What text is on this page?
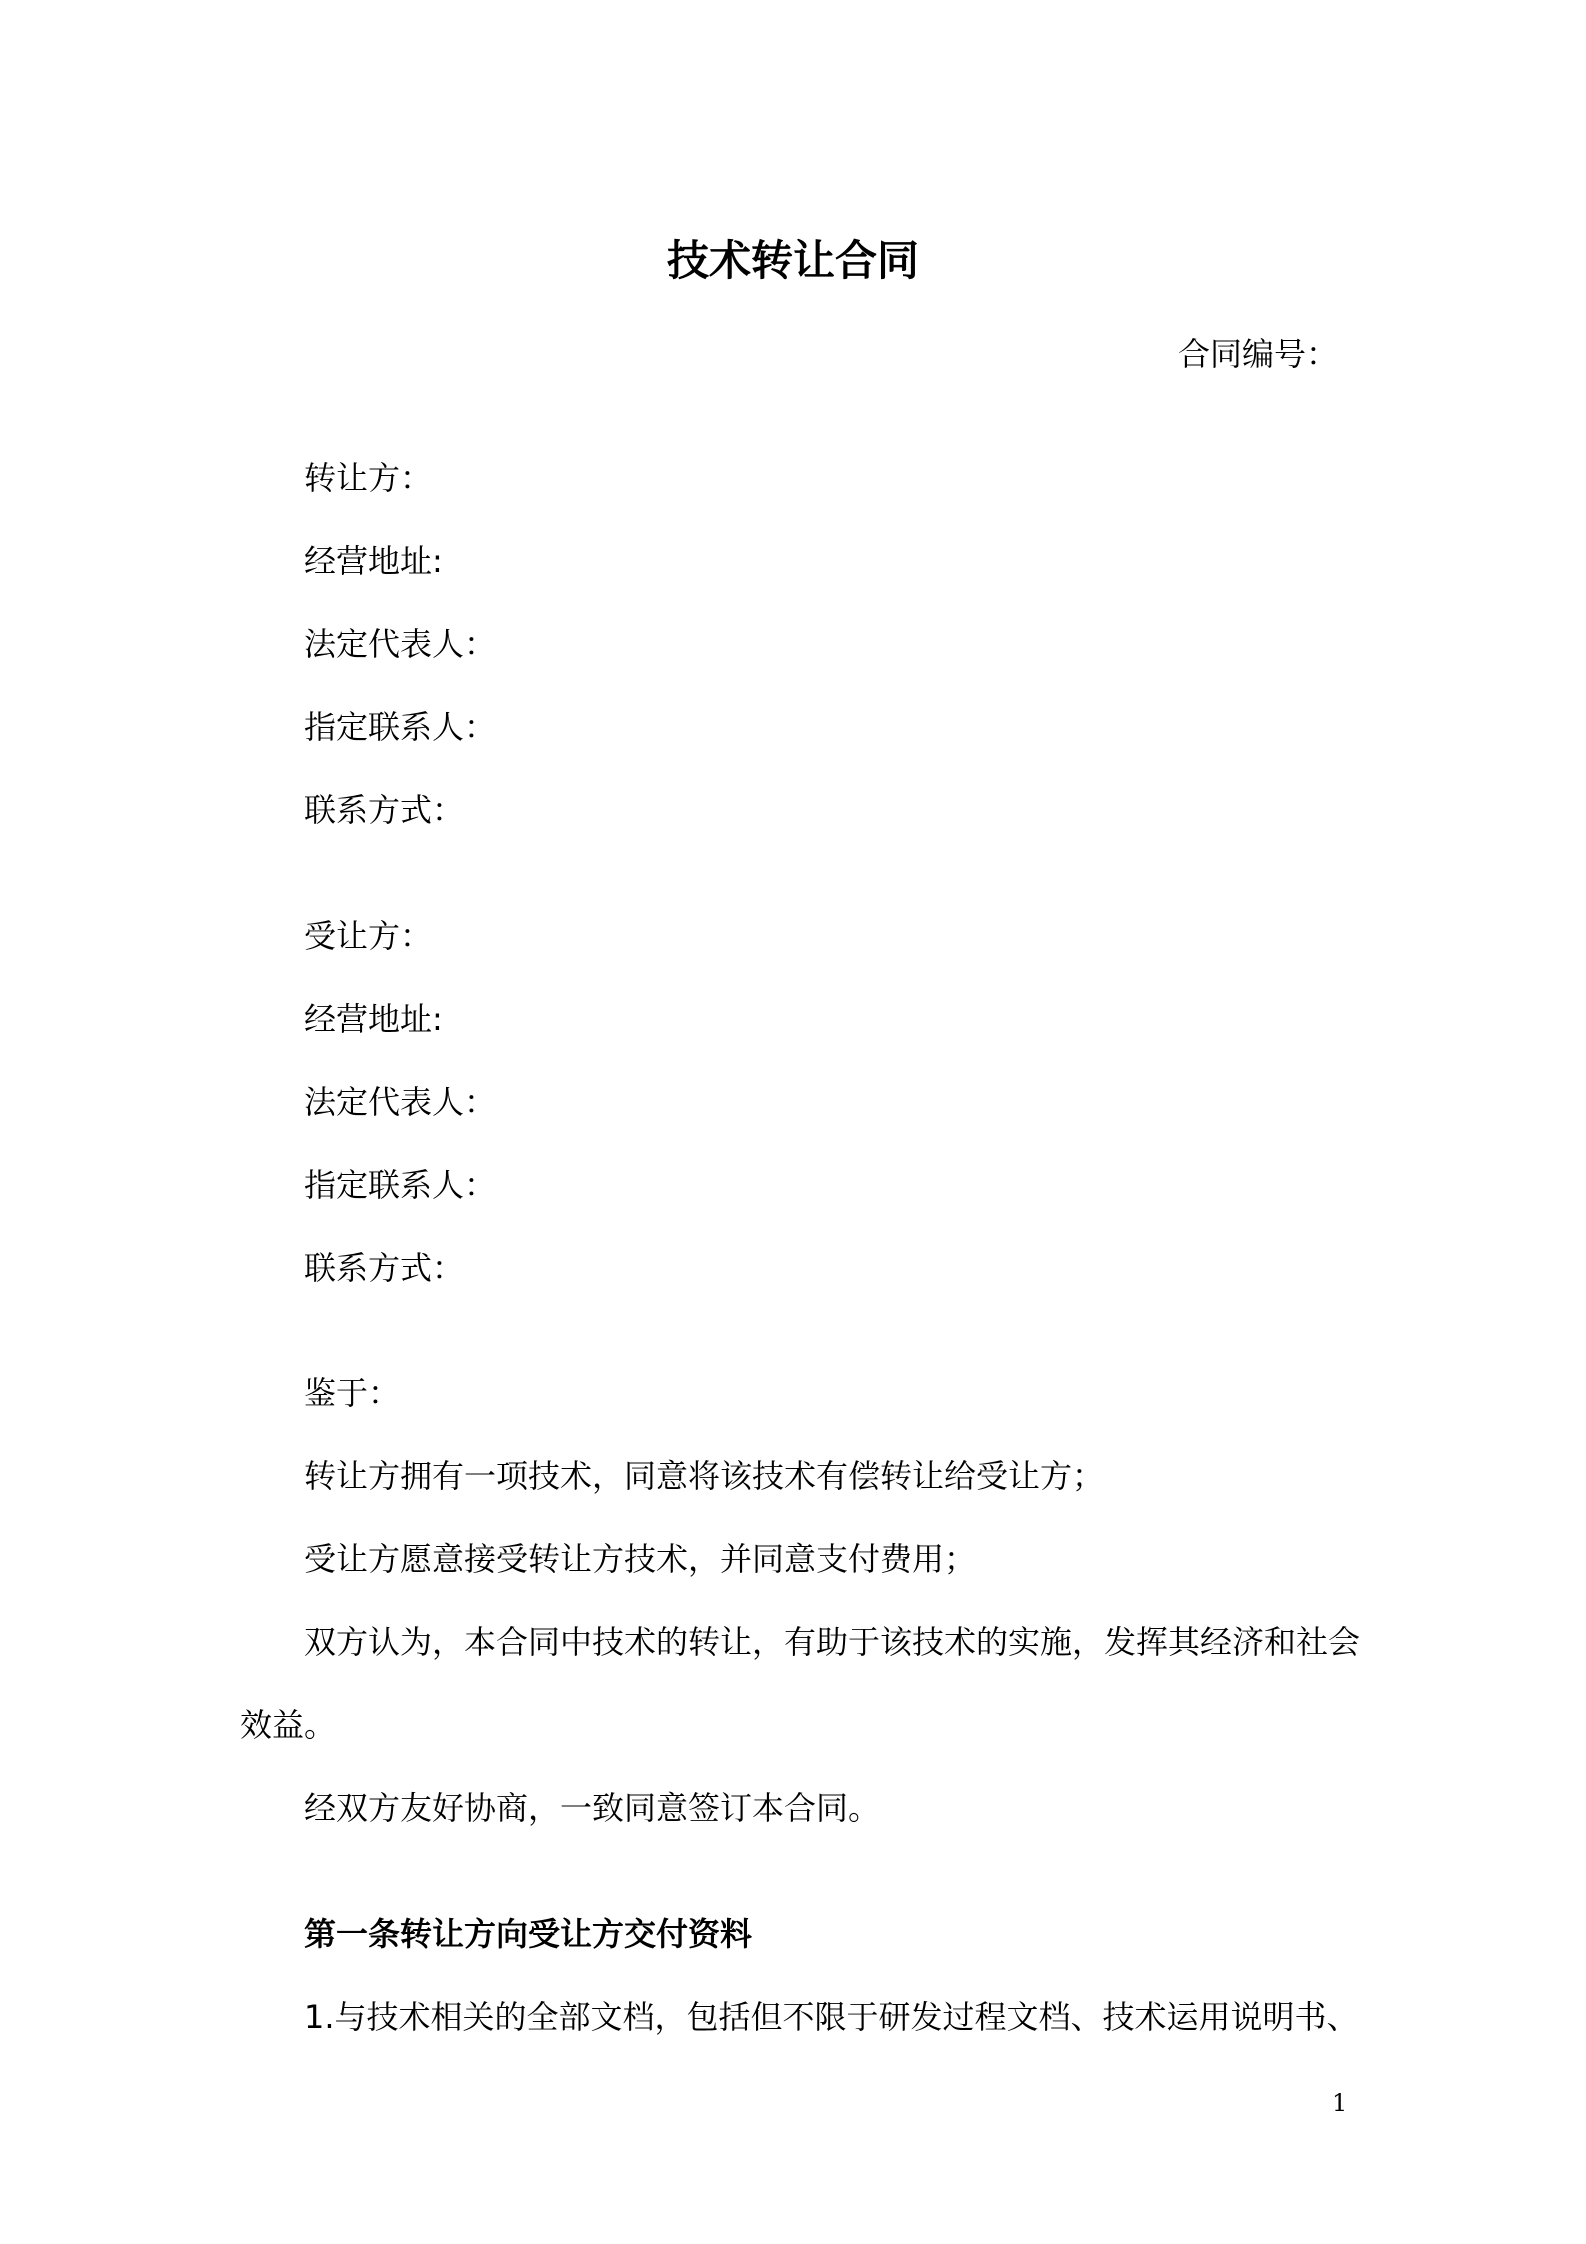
技术转让合同
合同编号：
转让方：
经营地址:
法定代表人：
指定联系人：
联系方式：
受让方：
经营地址:
法定代表人：
指定联系人：
联系方式：
鉴于：
转让方拥有一项技术，同意将该技术有偿转让给受让方；
受让方愿意接受转让方技术，并同意支付费用；
双方认为，本合同中技术的转让，有助于该技术的实施，发挥其经济和社会
效益。
经双方友好协商，一致同意签订本合同。
第一条转让方向受让方交付资料
1.与技术相关的全部文档，包括但不限于研发过程文档、技术运用说明书、
1
